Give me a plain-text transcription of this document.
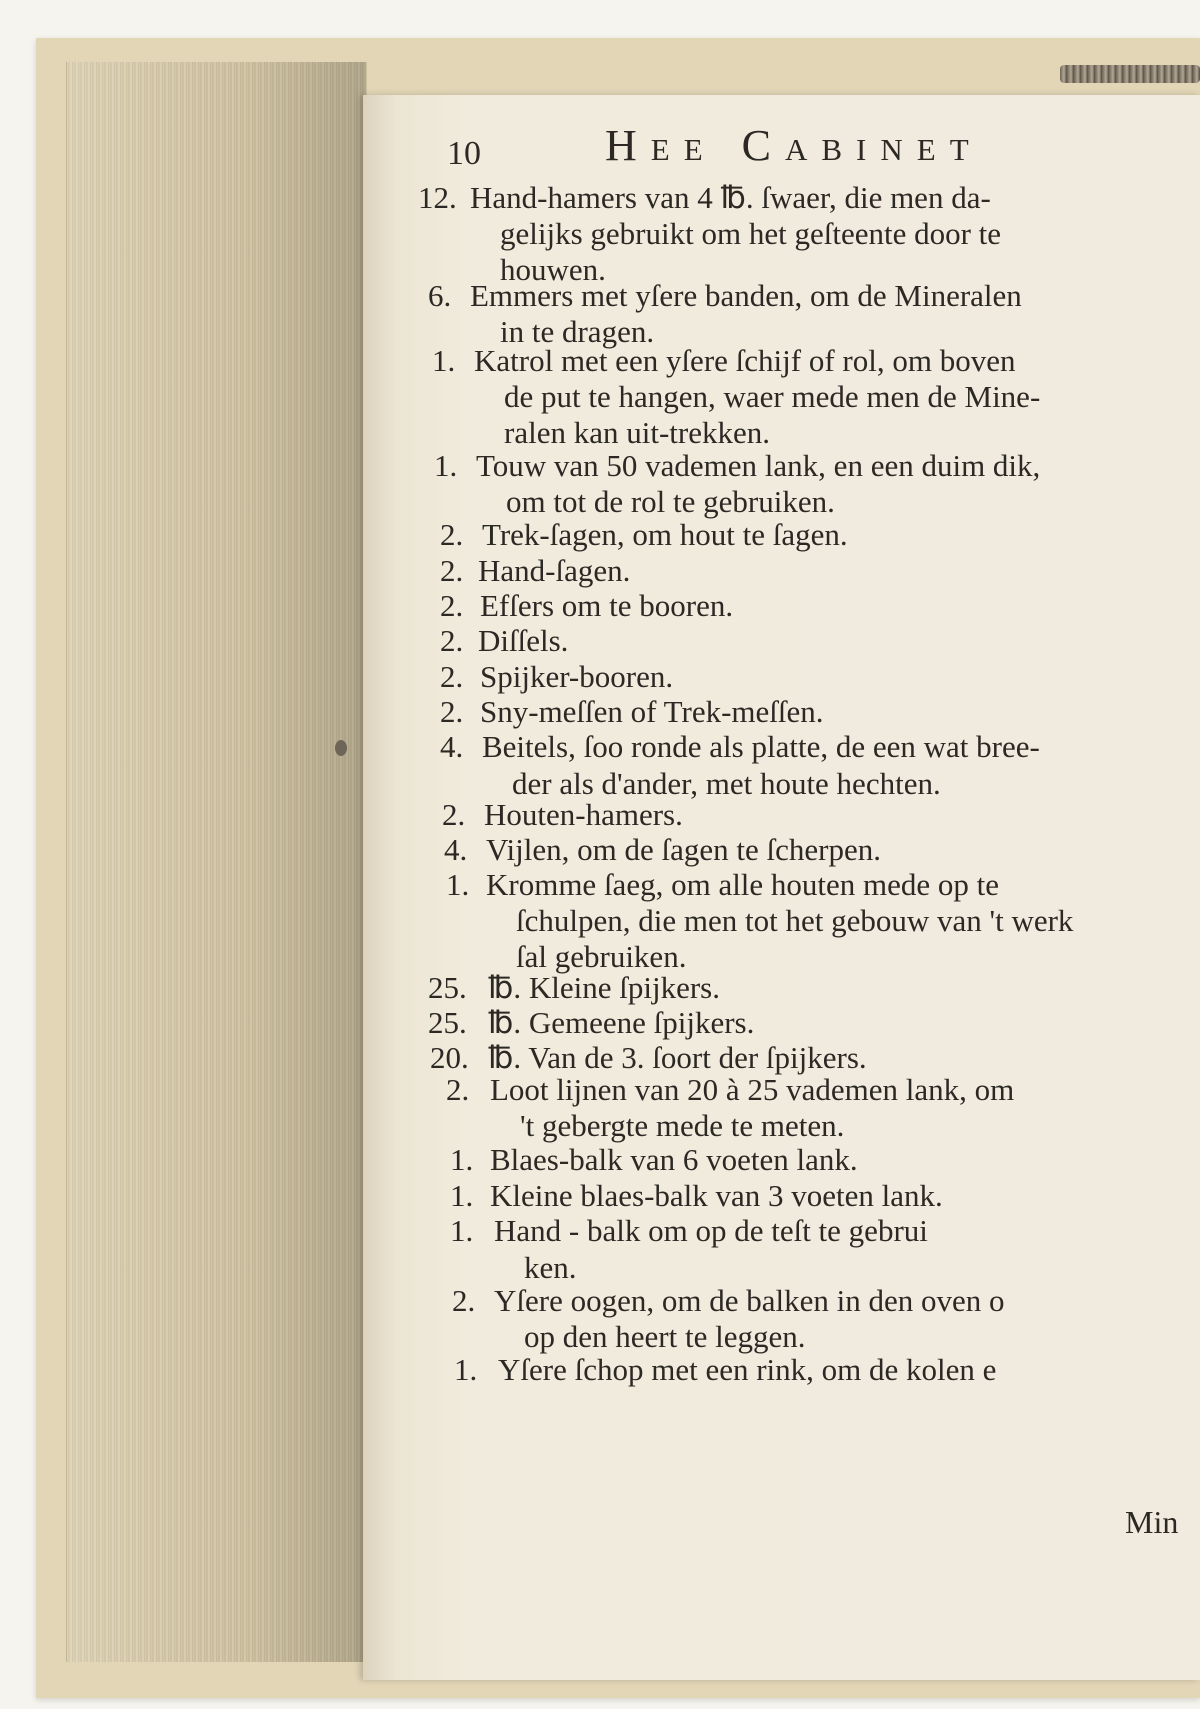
10	Hee Cabinet
12. Hand-hamers van 4 ℔. ſwaer, die men da-
gelijks gebruikt om het geſteente door te
houwen.
6. Emmers met yſere banden, om de Mineralen
in te dragen.
1. Katrol met een yſere ſchijf of rol, om boven
de put te hangen, waer mede men de Mine-
ralen kan uit-trekken.
1. Touw van 50 vademen lank, en een duim dik,
om tot de rol te gebruiken.
2. Trek-ſagen, om hout te ſagen.
2. Hand-ſagen.
2. Efſers om te booren.
2. Diſſels.
2. Spijker-booren.
2. Sny-meſſen of Trek-meſſen.
4. Beitels, ſoo ronde als platte, de een wat bree-
der als d'ander, met houte hechten.
2. Houten-hamers.
4. Vijlen, om de ſagen te ſcherpen.
1. Kromme ſaeg, om alle houten mede op te
ſchulpen, die men tot het gebouw van 't werk
ſal gebruiken.
25. ℔. Kleine ſpijkers.
25. ℔. Gemeene ſpijkers.
20. ℔. Van de 3. ſoort der ſpijkers.
2. Loot lijnen van 20 à 25 vademen lank, om
't gebergte mede te meten.
1. Blaes-balk van 6 voeten lank.
1. Kleine blaes-balk van 3 voeten lank.
1. Hand - balk om op de teſt te gebrui
ken.
2. Yſere oogen, om de balken in den oven o
op den heert te leggen.
1. Yſere ſchop met een rink, om de kolen e
Min
